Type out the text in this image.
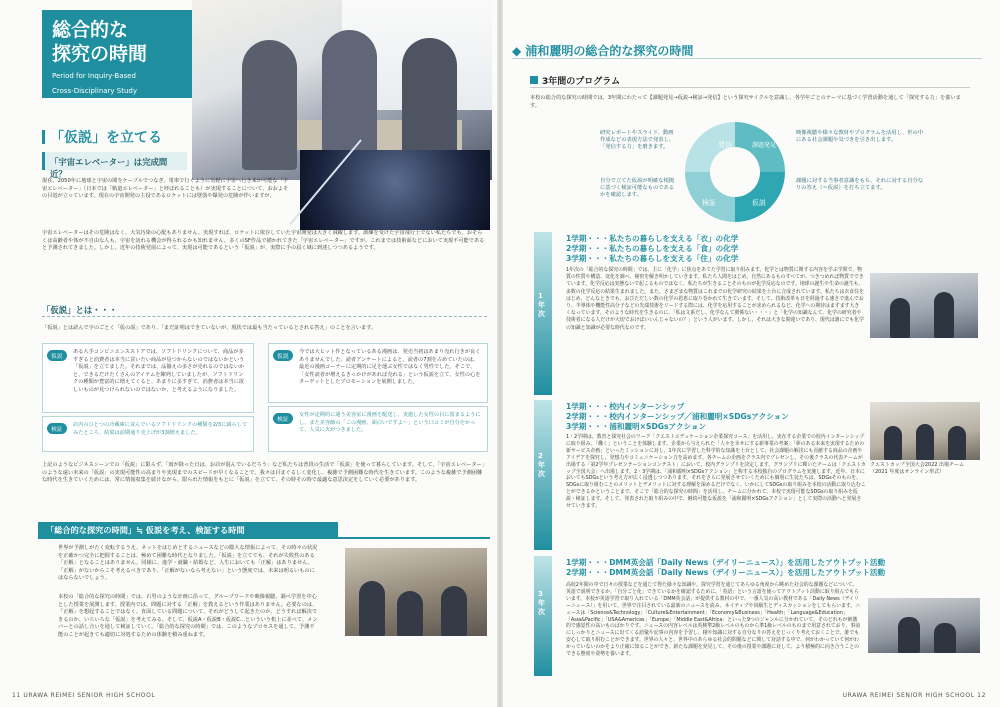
総合的な
探究の時間
Period for Inquiry-Based
Cross-Disciplinary Study
「仮説」を立てる
「宇宙エレベーター」は完成間近？

現在、2050年に地球と宇宙の間をケーブルでつなぎ、電車で行くように気軽に宇宙へ行き来が可能な「宇宙エレベーター」（日本では「軌道エレベーター」と呼ばれることも）が実現することについて、おおよその目処が立っています。現在の宇宙開発の主役であるロケットには墜落や爆発の危険が伴いますが、

宇宙エレベーターはその危険はなく、大気汚染の心配もありません。実現すれば、ロケットに依存していた宇宙開発は大きく飛躍します。訓練を受けた宇宙飛行士でない私たちでも、おそらくは高齢者や体が不自由な人も、宇宙を訪れる機会が得られるかも知れません。多くのSF作品で描かれてきた「宇宙エレベーター」ですが、これまでは技術面などにおいて実現不可能であると予測されてきました。しかし、近年の技術発展によって、実現は可能であるという「仮説」が、実際に手の届く域に到達しつつあるようです。

「仮説」とは・・・

「仮説」とは読んで字のごとく「仮の説」であり、「まだ証明はできていないが、現状では最も当たっているとされる答え」のことを言います。

仮説

ある大手コンビニエンスストアでは、ソフトドリンクについて、商品が多すぎると消費者は本当に買いたい商品が見つからないのではないかという「仮説」を立てました。それまでは、品揃えの多さが売れるのではないかと、できるだけたくさんのアイテムを陳列していましたが、ソフトドリンクの種類が豊富的に増えてくると、あまりに多すぎて、消費者は本当に欲しいものが見つけられないのではないか、と考えるようになりました。

検証

店内のひとつの冷蔵庫に並んでいるソフトドリンクの種類を2/3に減らしてみたところ、結果は前期通り売上げが3割増えました。

仮説

今では大ヒット作となっているある漫画は、発売当初はあまり売れ行きが良くありませんでした。読者アンケートによると、読者の7割を占めていたのは、最近の漫画コーナーに定期的に足を運ぶ女性ではなく男性でした。そこで、「女性読者が増えるきっかけがあれば売れる」という仮説を立て、女性の心をターゲットとしたプロモーションを展開しました。

検証

女性が定期的に通う美容室に漫画を配送し、実施した女性の目に留まるようにし、また美容師の「この漫画、面白いですよ～」という口コミが自分をかって、人気に火がつきました。

上記のようなビジネスシーンでの「仮説」に限らず、「雨が降った日は、お店が混んでいるだろう」など私たちは普段の生活で「仮説」を使って暮らしています。そして、「宇宙エレベーター」のような遠い未来の「仮説」の実現可能性の高まりや実現までのスピードが早くなることで、我々は目まぐるしく変化し、複雑で予測困難な時代を生きています。このような複雑で予測困難な時代を生きていくためには、常に情報収集を続けながら、限られた情報をもとに「仮説」を立てて、その時その時で最適な意思決定をしていく必要があります。

「総合的な探究の時間」≒ 仮説を考え、検証する時間

世界が予測しがたく変転するうえ、ネットをはじめとするニュースなどの膨大な情報によって、その時々の状況を正確かつ完全に把握することは、極めて困難な時代となりました。「仮説」を立てても、それが失敗性のある「正解」となることはありません。同様に、進学・就職・結婚など、人生においても「正解」はありません。「正解」がないからこそ考えるべきであり、「正解がないなら考えない」という態度では、未来は明るいものにはならないでしょう。

本校の「総合的な探究の時間」では、石男のような計画に沿って、グループワークや映像視聴、調べ学習を中心とした授業を展開します。授業内では、問題に対する「正解」を教えるという作業はありません。必要なのは、「正解」を想起することではなく、直面している問題について、それがどうして起きたのか、どうすれば解決できるのか、いろいろな「仮説」を考えてみる。そして、仮説A・仮説B・仮説C…といういう机上に並べて、メンバーとの話し合いを通して検証していく。「総合的な探究の時間」では、このようなプロセスを通して、予測不能のことが起きても適切に対処するための体験を積み重ねます。

11 URAWA REIMEI SENIOR HIGH SCHOOL
◆ 浦和麗明の総合的な探究の時間
3年間のプログラム

本校の総合的な探究の時間では、3年間にわたって【課題発見→仮説→検証→発信】という探究サイクルを意識し、各学年ごとのテーマに基づく学習活動を通して「探究する力」を養います。

発信	課題発見
仮説
検証

研究レポートやスライド、動画作成などの表現方法で発表し、「発信する力」を磨きます。

映像視聴や様々な教材やプログラムを活用し、世の中にある社会課題や気づきを引き出します。

自分で立てた仮説が明確な根拠に基づく検証可能なものであるかを確認します。

課題に対する当事者意識をもち、それに対する自分なりの答え（＝仮説）を打ち立てます。

1年次
1学期・・・私たちの暮らしを支える「衣」の化学
2学期・・・私たちの暮らしを支える「食」の化学
3学期・・・私たちの暮らしを支える「住」の化学

1年次の「総合的な探究の時間」では、主に「化学」に焦点をあてた学習に取り組みます。化学とは物質に関する内容を学ぶ学問で、物質の性質や構造、変化を調べ、秘密を解き明かしていきます。私たち人間をはじめ、自然にあるものすべてが、つきつめれば物質でできています。化学反応は実態ないで起こるものではなく、私たちが生きることそのものが化学反応なのです。地球の誕生や生命の誕生も、多数の化学反応の結果生まれました。また、さまざまな物質はこれまでの化学研究の結果を土台に合成されています。私たちは衣食住をはじめ、どんなときでも、おびただしい数の化学の恩恵に取り巻かれて生きています。そして、技術改革も日を経過する速さで進んでおり、半導体や機能性高分子などの先端技術をリードする際には、化学を応用することが求められるなど、化学への期待はますます大きくなっています。そのような時代を生きるのに、「私は文系だし、化学なんて関係ない・・・」と「化学の知識なんて、化学の研究者や技術者になる人だけが大切でおけばいいんじゃないの？」という人がいます。しかし、それは大きな間違いであり、現代は誰にでも化学の知識と知識が必要な時代なのです。

2年次
1学期・・・校内インターンシップ
2学期・・・校内インターンシップ／浦和麗明×SDGsアクション
3学期・・・浦和麗明×SDGsアクション

1・2学期は、教育と探究社会のワーク「クエストエデュケーション企業探究コース」を活用し、実在する企業での校内インターンシップに取り組み、「働く」ということを体験します。企業から与えられた「人々を幸せにする新事業の考案」「夢のある未来を実現するための新サービス企画」といったミッションに対し、1年次に学習した科学的な知識を土台として、社会課題の解決にも貢献する商品の企画やアイデアを探究し、発想力やコミュニケーション力を高めます。各チームの企画をクラス内でプレゼンし、その後クラスの代表チームが出場する「第2学年プレゼンテーションコンテスト」において、校内グランプリを決定します。グランプリに輝いたチームは「クエストカップ全国大会」へ出場します。2・3学期は、「浦和麗明×SDGsアクション」と称する本校独自のプログラムを実施します。近年、日本においてもSDGsという考え方が広く浸透しつつあります。それをさらに発展させていくためにも個別に生徒たちは、SDGsそのものを、SDGsに取り組むことのメリットとデメリットに対する理解を深めるだけでなく、いかにしてSDGsの取り組みを本校の活動に取り込むことができるかということまで、そこで「総合的な探究の時間」を活用し、チームに分かれて、本校で実現可能なSDGsの取り組みを仮説・検証します。そして、発表された取り組みの中で、継続可能な仮説を「浦和麗明×SDGsアクション」として実際の活動へと発展させていきます。

クエストカップ全国大会2022 出場チーム（2021 年度はオンライン形式）

3年次
1学期・・・DMM英会話「Daily News（デイリーニュース）」を活用したアウトプット活動
2学期・・・DMM英会話「Daily News（デイリーニュース）」を活用したアウトプット活動

高校2年間の中で日々の授業などを通じて得た様々な知識や、探究学習を通じてあらゆる角度から眺めた社会的な課題などについて、英語で説明できるか、「自分ごと化」できているかを確認するために、「英語」という言語を使ってアウトプット活動に取り組んでもらいます。本校が英語学習で取り入れている「DMM英会話」が提供する教材の中で、一番人気の高い教材である「Daily News（デイリーニュース）」を用いて、世界で注目されている最新のニュースを読み、ネイティブや同級生とディスカッションをしてもらいます。ニュースは「Science&Technology」「Culture&Entertainment」「Economy&Business」「Health」「Language&Education」「Asia&Pacific」「USA&Americas」「Europe」「Middle East&Africa」といった9つのジャンルに分かれていて、そのどれもが刺激的で感覚性の高いものばかりです。ニュースの内容レベルは英検準2級レベルのものから準1級レベルのものまで用意されており、事前にしっかりとニュースに出てくる語彙や記事の内容を予習し、積や知識に対する自分なりの答えをじっくり考えておくことで、誰でも安心して取り組むことができます。世界の人々と、世界中のあらゆる社会的問題などに関して対話する中で、何がわかっていて何がわかっていないのかをより正確に知ることができ、新たな課題を発見して、その後の授業や課題に対して、より積極的に向き合うことのできる態度や姿勢を養います。

URAWA REIMEI SENIOR HIGH SCHOOL 12
